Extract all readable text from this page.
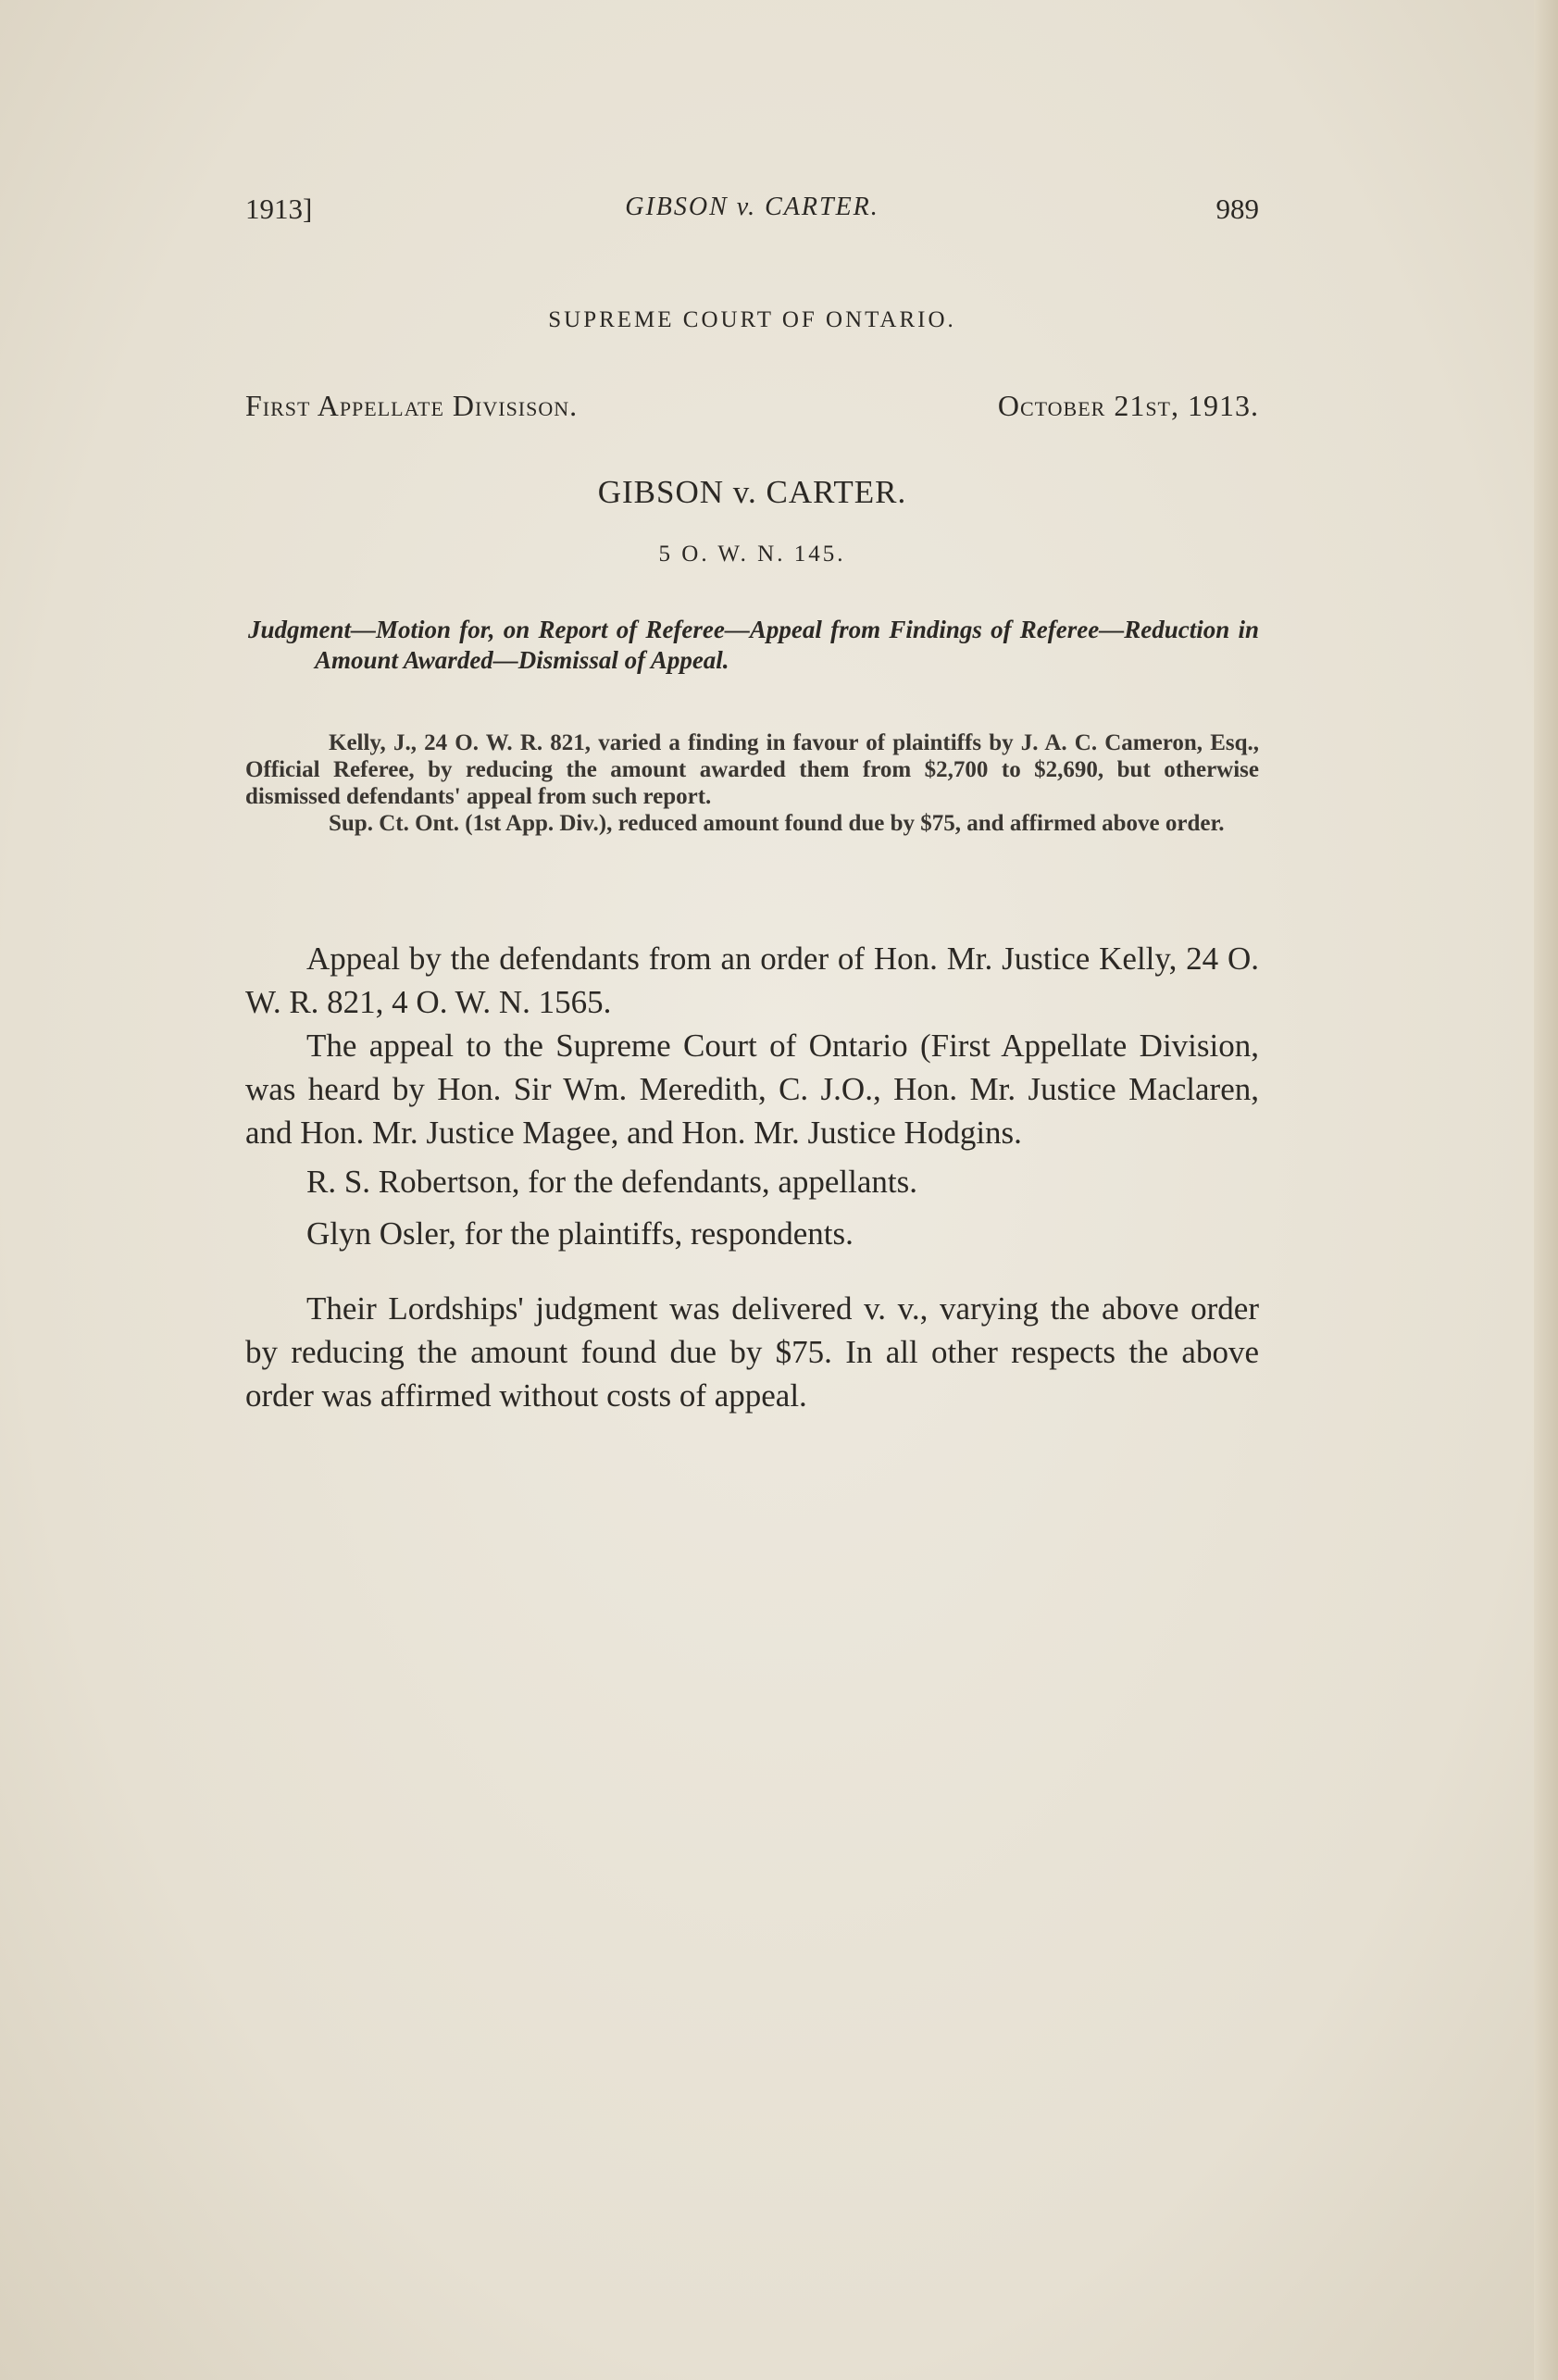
1913]	GIBSON v. CARTER.	989
SUPREME COURT OF ONTARIO.
First Appellate Divisison.	October 21st, 1913.
GIBSON v. CARTER.
5 O. W. N. 145.
Judgment—Motion for, on Report of Referee—Appeal from Findings of Referee—Reduction in Amount Awarded—Dismissal of Appeal.

Kelly, J., 24 O. W. R. 821, varied a finding in favour of plaintiffs by J. A. C. Cameron, Esq., Official Referee, by reducing the amount awarded them from $2,700 to $2,690, but otherwise dismissed defendants' appeal from such report.

Sup. Ct. Ont. (1st App. Div.), reduced amount found due by $75, and affirmed above order.

Appeal by the defendants from an order of Hon. Mr. Justice Kelly, 24 O. W. R. 821, 4 O. W. N. 1565.

The appeal to the Supreme Court of Ontario (First Appellate Division, was heard by Hon. Sir Wm. Meredith, C. J.O., Hon. Mr. Justice Maclaren, and Hon. Mr. Justice Magee, and Hon. Mr. Justice Hodgins.

R. S. Robertson, for the defendants, appellants.

Glyn Osler, for the plaintiffs, respondents.

Their Lordships' judgment was delivered v. v., varying the above order by reducing the amount found due by $75. In all other respects the above order was affirmed without costs of appeal.
